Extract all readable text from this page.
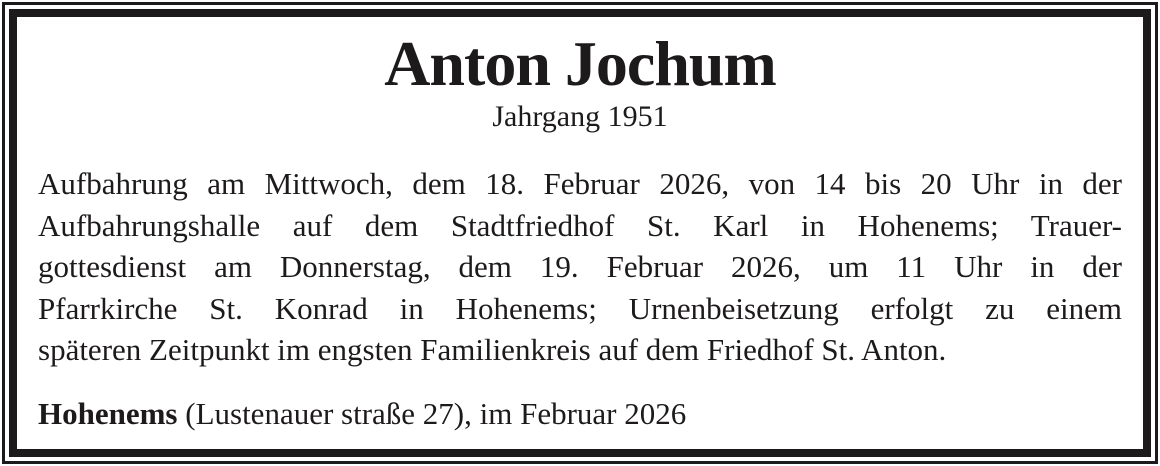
Anton Jochum
Jahrgang 1951
Aufbahrung am Mittwoch, dem 18. Februar 2026, von 14 bis 20 Uhr in der
Aufbahrungshalle auf dem Stadtfriedhof St. Karl in Hohenems; Trauer-
gottesdienst am Donnerstag, dem 19. Februar 2026, um 11 Uhr in der
Pfarrkirche St. Konrad in Hohenems; Urnenbeisetzung erfolgt zu einem
späteren Zeitpunkt im engsten Familienkreis auf dem Friedhof St. Anton.
Hohenems (Lustenauer straße 27), im Februar 2026
